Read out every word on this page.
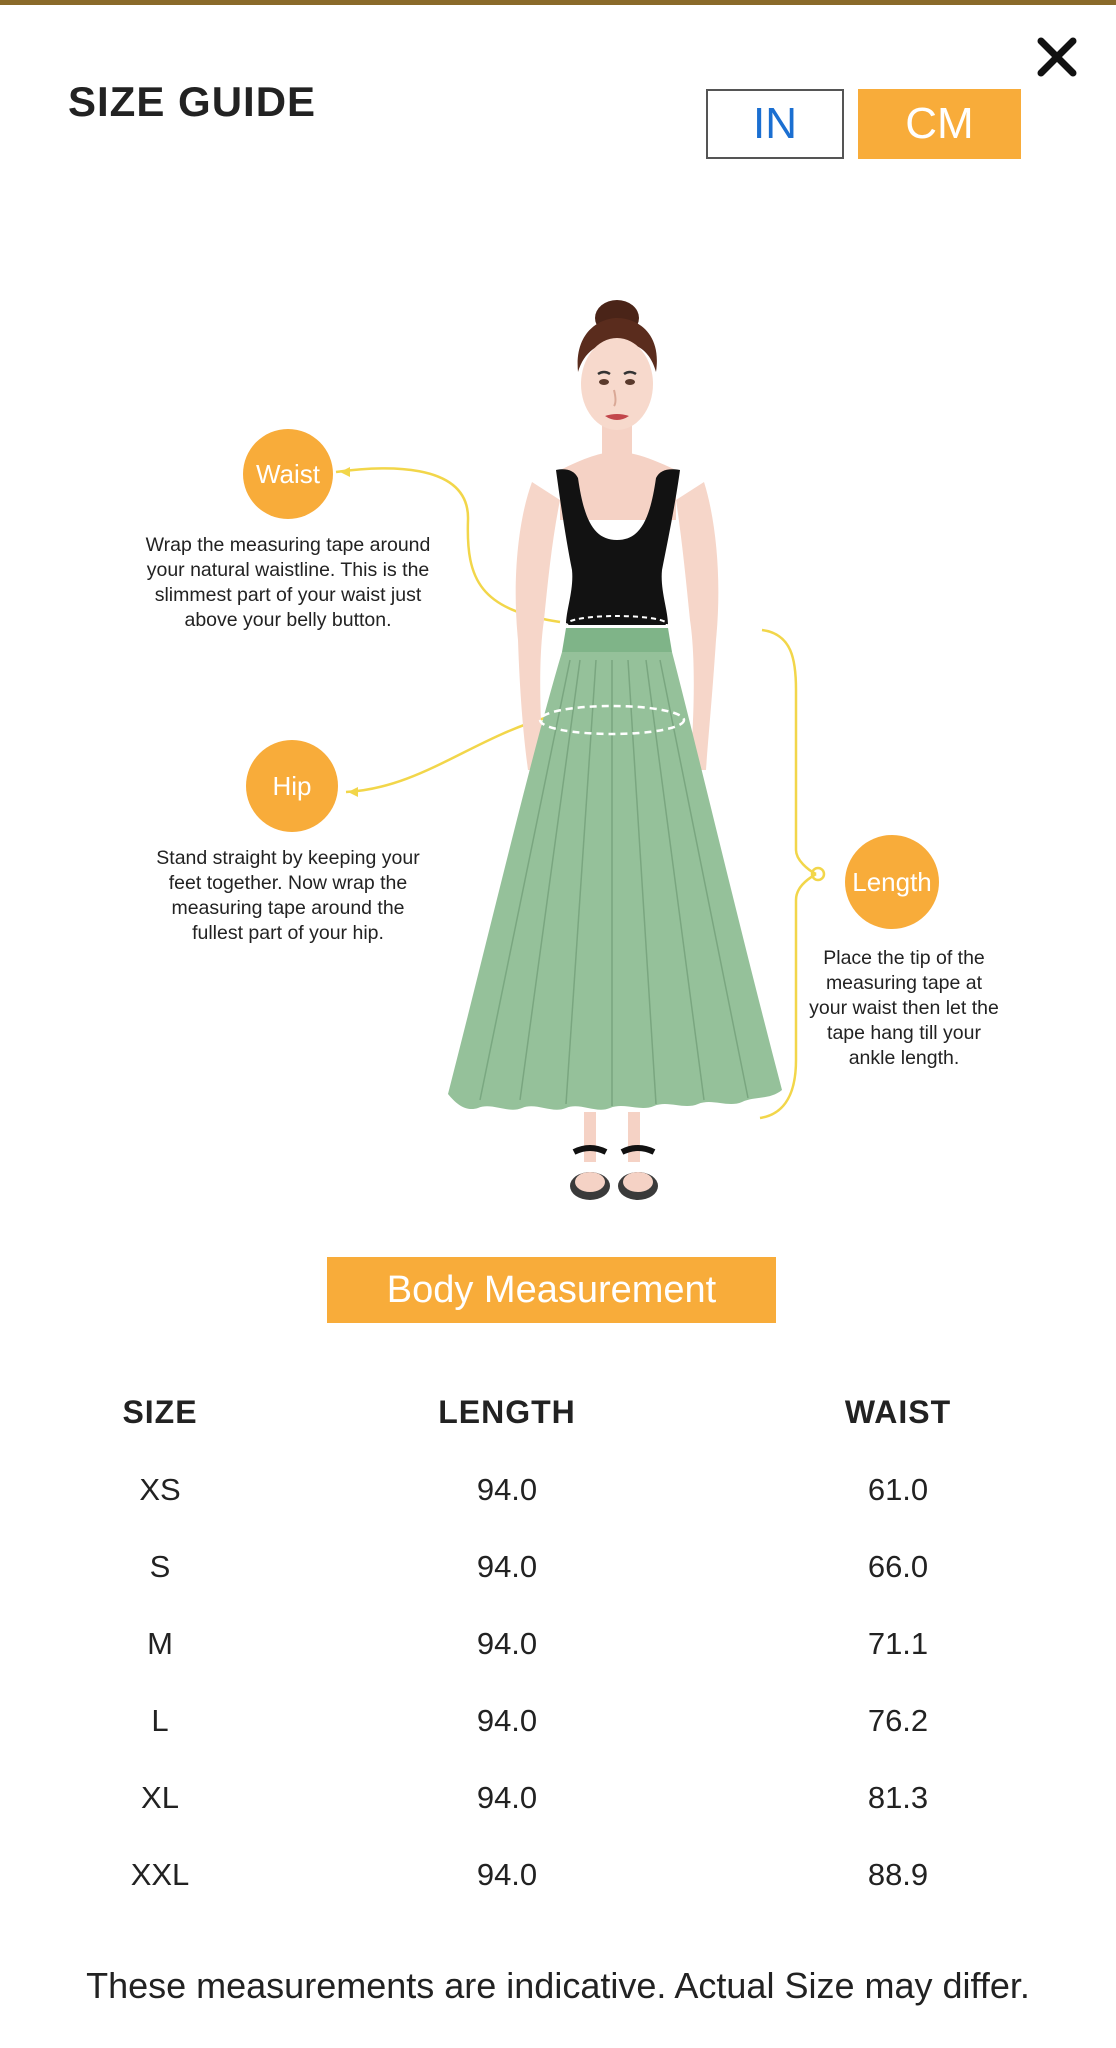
SIZE GUIDE	IN	CM
Waist
Wrap the measuring tape around your natural waistline. This is the slimmest part of your waist just above your belly button.
Hip
Stand straight by keeping your feet together. Now wrap the measuring tape around the fullest part of your hip.
Length
Place the tip of the measuring tape at your waist then let the tape hang till your ankle length.
Body Measurement
SIZE	LENGTH	WAIST
XS	94.0	61.0
S	94.0	66.0
M	94.0	71.1
L	94.0	76.2
XL	94.0	81.3
XXL	94.0	88.9
These measurements are indicative. Actual Size may differ.
